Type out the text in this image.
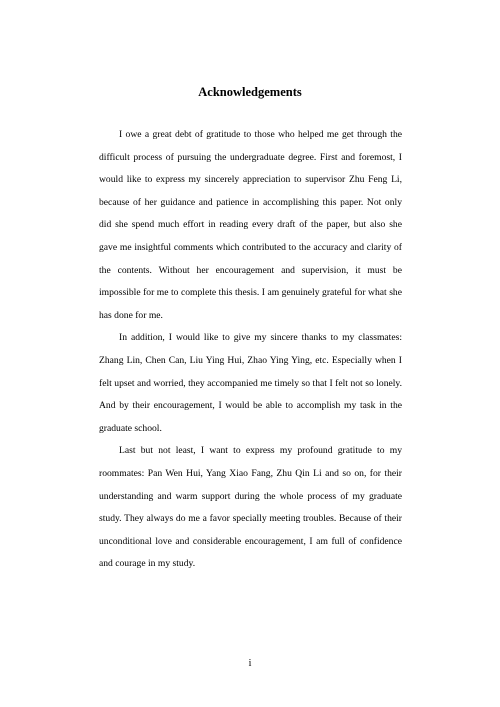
Acknowledgements

I owe a great debt of gratitude to those who helped me get through the difficult process of pursuing the undergraduate degree. First and foremost, I would like to express my sincerely appreciation to supervisor Zhu Feng Li, because of her guidance and patience in accomplishing this paper. Not only did she spend much effort in reading every draft of the paper, but also she gave me insightful comments which contributed to the accuracy and clarity of the contents. Without her encouragement and supervision, it must be impossible for me to complete this thesis. I am genuinely grateful for what she has done for me.

In addition, I would like to give my sincere thanks to my classmates: Zhang Lin, Chen Can, Liu Ying Hui, Zhao Ying Ying, etc. Especially when I felt upset and worried, they accompanied me timely so that I felt not so lonely. And by their encouragement, I would be able to accomplish my task in the graduate school.

Last but not least, I want to express my profound gratitude to my roommates: Pan Wen Hui, Yang Xiao Fang, Zhu Qin Li and so on, for their understanding and warm support during the whole process of my graduate study. They always do me a favor specially meeting troubles. Because of their unconditional love and considerable encouragement, I am full of confidence and courage in my study.

i
